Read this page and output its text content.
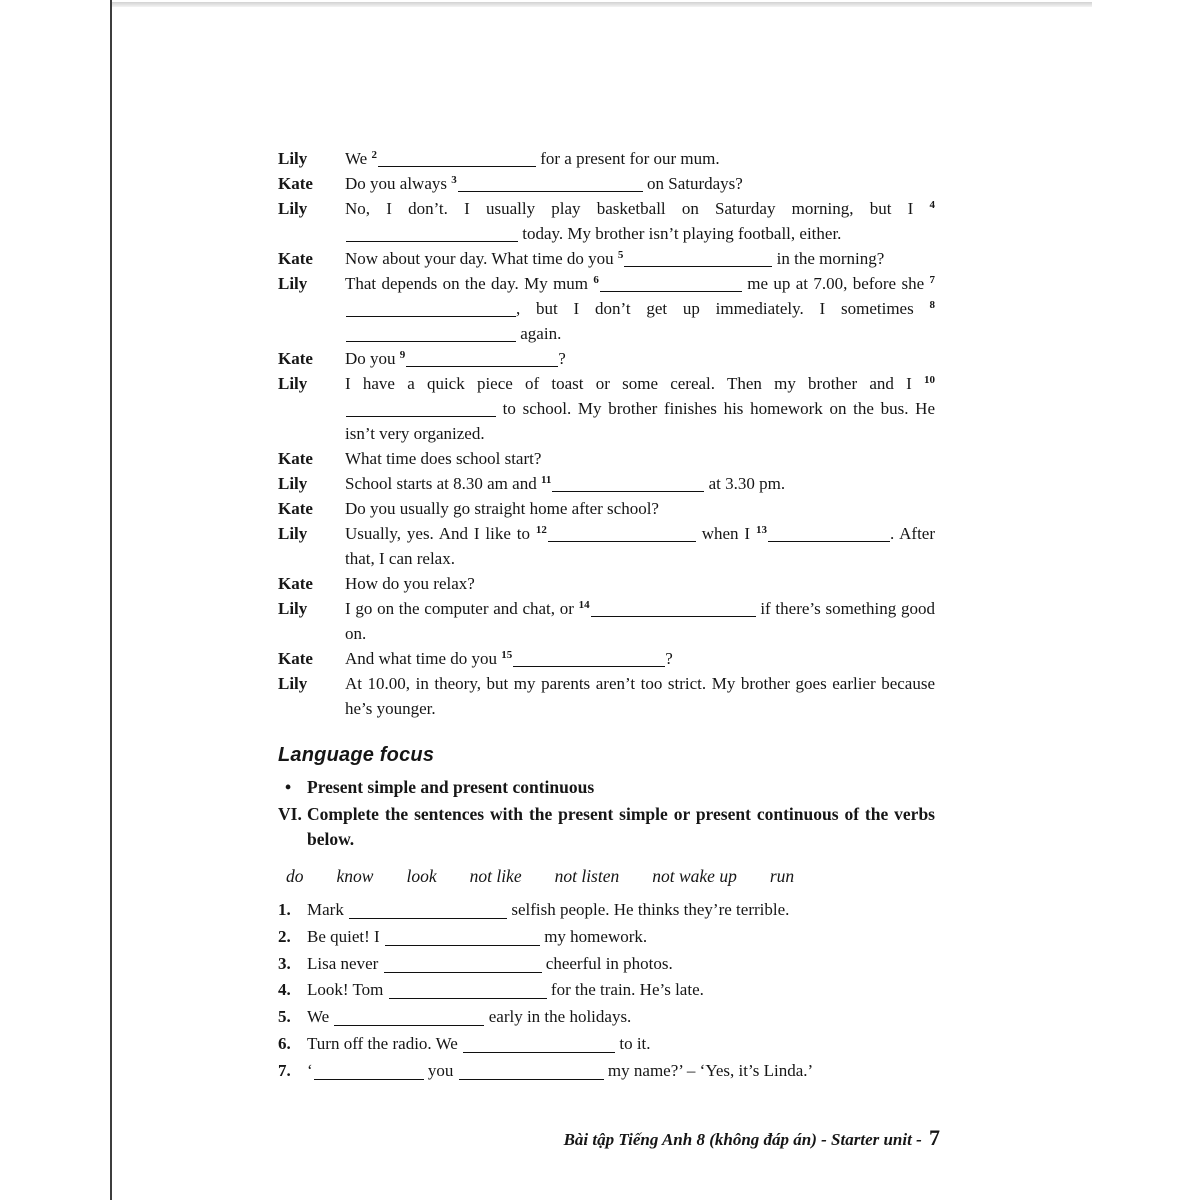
Lily	We $^2$	for a present for our mum.
Kate	Do you always $^3$	on Saturdays?
Lily	No, I don’t. I usually play basketball on Saturday morning, but I $^4$ today. My brother isn’t playing football, either.
Kate	Now about your day. What time do you $^5$	in the morning?
Lily	That depends on the day. My mum $^6$	me up at 7.00, before she $^7$, but I don’t get up immediately. I sometimes $^8$ again.
Kate	Do you $^9$	?
Lily	I have a quick piece of toast or some cereal. Then my brother and I $^{10}$ to school. My brother finishes his homework on the bus. He isn’t very organized.
Kate	What time does school start?
Lily	School starts at 8.30 am and $^{11}$	at 3.30 pm.
Kate	Do you usually go straight home after school?
Lily	Usually, yes. And I like to $^{12}$	when I $^{13}$	. After that, I can relax.
Kate	How do you relax?
Lily	I go on the computer and chat, or $^{14}$	if there’s something good on.
Kate	And what time do you $^{15}$	?
Lily	At 10.00, in theory, but my parents aren’t too strict. My brother goes earlier because he’s younger.
Language focus
• Present simple and present continuous
VI. Complete the sentences with the present simple or present continuous of the verbs below.
do know look not like not listen not wake up run
1. Mark	selfish people. He thinks they’re terrible.
2. Be quiet! I	my homework.
3. Lisa never	cheerful in photos.
4. Look! Tom	for the train. He’s late.
5. We	early in the holidays.
6. Turn off the radio. We	to it.
7. ‘	you	my name?’ – ‘Yes, it’s Linda.’
Bài tập Tiếng Anh 8 (không đáp án) - Starter unit - 7
